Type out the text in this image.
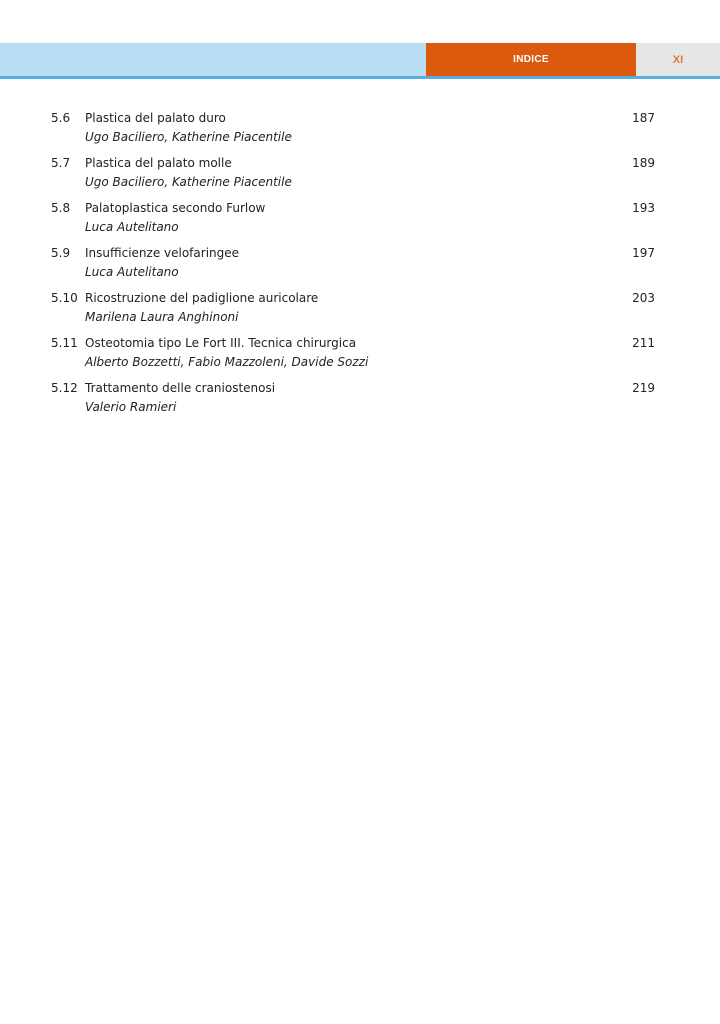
INDICE	XI
5.6 Plastica del palato duro
Ugo Baciliero, Katherine Piacentile
187
5.7 Plastica del palato molle
Ugo Baciliero, Katherine Piacentile
189
5.8 Palatoplastica secondo Furlow
Luca Autelitano
193
5.9 Insufficienze velofaringee
Luca Autelitano
197
5.10 Ricostruzione del padiglione auricolare
Marilena Laura Anghinoni
203
5.11 Osteotomia tipo Le Fort III. Tecnica chirurgica
Alberto Bozzetti, Fabio Mazzoleni, Davide Sozzi
211
5.12 Trattamento delle craniostenosi
Valerio Ramieri
219
